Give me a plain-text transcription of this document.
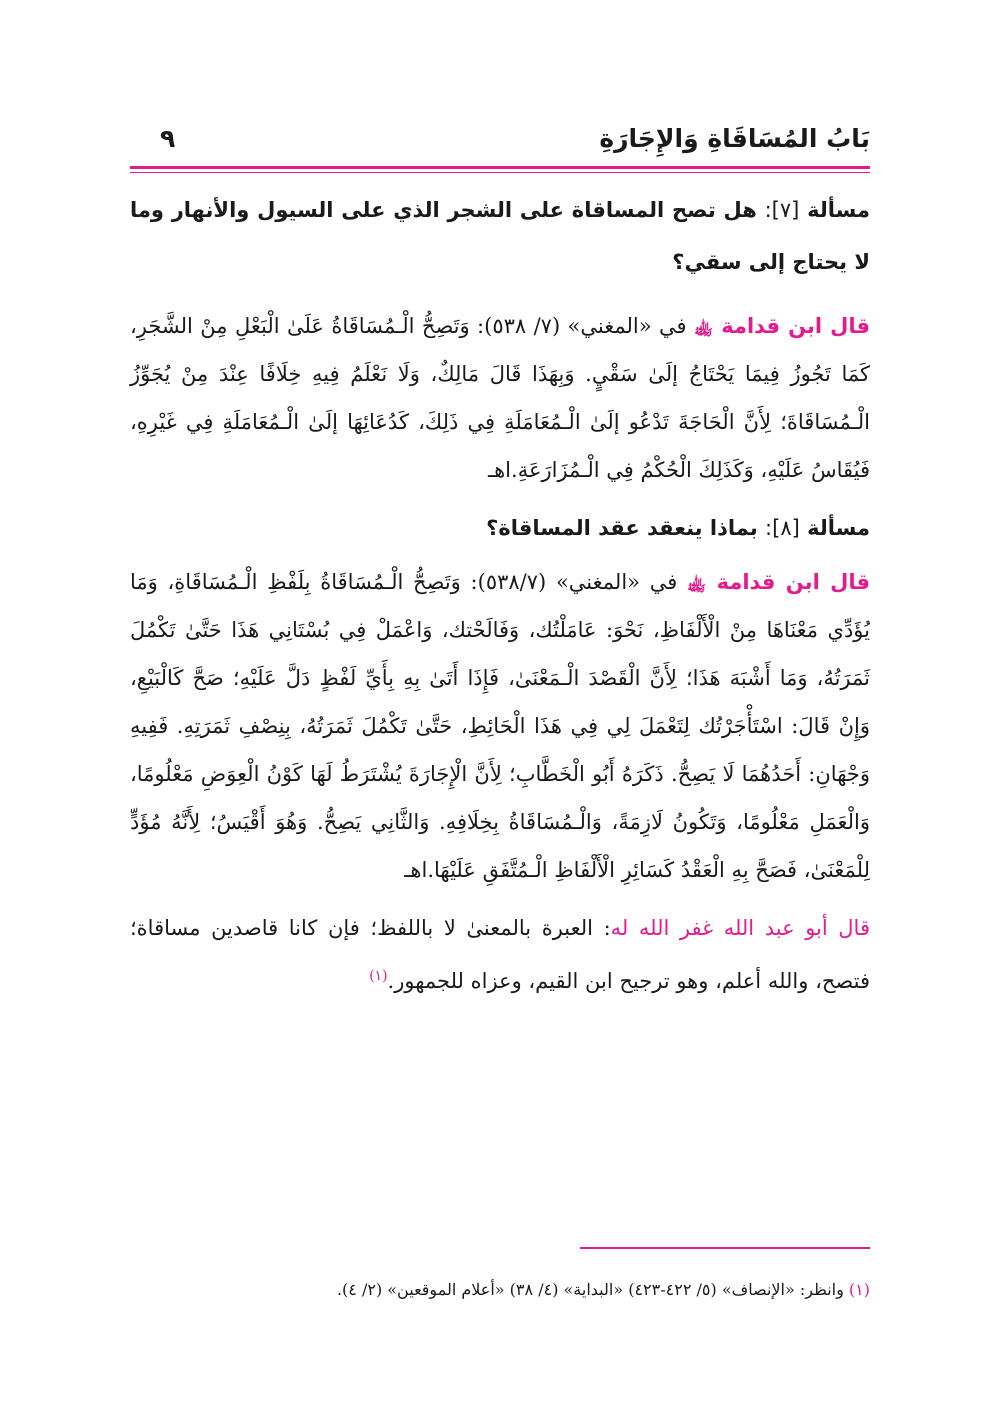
بَابُ المُسَاقَاةِ وَالإِجَارَةِ
٩
مسألة [٧]: هل تصح المساقاة على الشجر الذي على السيول والأنهار وما لا يحتاج إلى سقي؟
قال ابن قدامة ﵀ في «المغني» (٧/ ٥٣٨): وَتَصِحُّ الْـمُسَاقَاةُ عَلَىٰ الْبَعْلِ مِنْ الشَّجَرِ، كَمَا تَجُوزُ فِيمَا يَحْتَاجُ إلَىٰ سَقْيٍ. وَبِهَذَا قَالَ مَالِكٌ، وَلَا نَعْلَمُ فِيهِ خِلَافًا عِنْدَ مِنْ يُجَوِّزُ الْـمُسَاقَاةَ؛ لِأَنَّ الْحَاجَةَ تَدْعُو إلَىٰ الْـمُعَامَلَةِ فِي ذَلِكَ، كَدُعَائِهَا إلَىٰ الْـمُعَامَلَةِ فِي غَيْرِهِ، فَيُقَاسُ عَلَيْهِ، وَكَذَلِكَ الْحُكْمُ فِي الْـمُزَارَعَةِ.اهـ
مسألة [٨]: بماذا ينعقد عقد المساقاة؟
قال ابن قدامة ﵀ في «المغني» (٥٣٨/٧): وَتَصِحُّ الْـمُسَاقَاةُ بِلَفْظِ الْـمُسَاقَاةِ، وَمَا يُؤَدِّي مَعْنَاهَا مِنْ الْأَلْفَاظِ، نَحْوَ: عَامَلْتُك، وَفَالَحْتك، وَاعْمَلْ فِي بُسْتَانِي هَذَا حَتَّىٰ تَكْمُلَ ثَمَرَتُهُ، وَمَا أَشْبَهَ هَذَا؛ لِأَنَّ الْقَصْدَ الْـمَعْنَىٰ، فَإِذَا أَتَىٰ بِهِ بِأَيِّ لَفْظٍ دَلَّ عَلَيْهِ؛ صَحَّ كَالْبَيْعِ، وَإِنْ قَالَ: اسْتَأْجَرْتُك لِتَعْمَلَ لِي فِي هَذَا الْحَائِطِ، حَتَّىٰ تَكْمُلَ ثَمَرَتُهُ، بِنِصْفِ ثَمَرَتِهِ. فَفِيهِ وَجْهَانِ: أَحَدُهُمَا لَا يَصِحُّ. ذَكَرَهُ أَبُو الْخَطَّابِ؛ لِأَنَّ الْإِجَارَةَ يُشْتَرَطُ لَهَا كَوْنُ الْعِوَضِ مَعْلُومًا، وَالْعَمَلِ مَعْلُومًا، وَتَكُونُ لَازِمَةً، وَالْـمُسَاقَاةُ بِخِلَافِهِ. وَالثَّانِي يَصِحُّ. وَهُوَ أَقْيَسُ؛ لِأَنَّهُ مُؤَدٍّ لِلْمَعْنَىٰ، فَصَحَّ بِهِ الْعَقْدُ كَسَائِرِ الْأَلْفَاظِ الْـمُتَّفَقِ عَلَيْهَا.اهـ
قال أبو عبد الله غفر الله له: العبرة بالمعنىٰ لا باللفظ؛ فإن كانا قاصدين مساقاة؛ فتصح، والله أعلم، وهو ترجيح ابن القيم، وعزاه للجمهور.$^{(١)}$
(١) وانظر: «الإنصاف» (٥/ ٤٢٢-٤٢٣) «البداية» (٤/ ٣٨) «أعلام الموقعين» (٢/ ٤).
